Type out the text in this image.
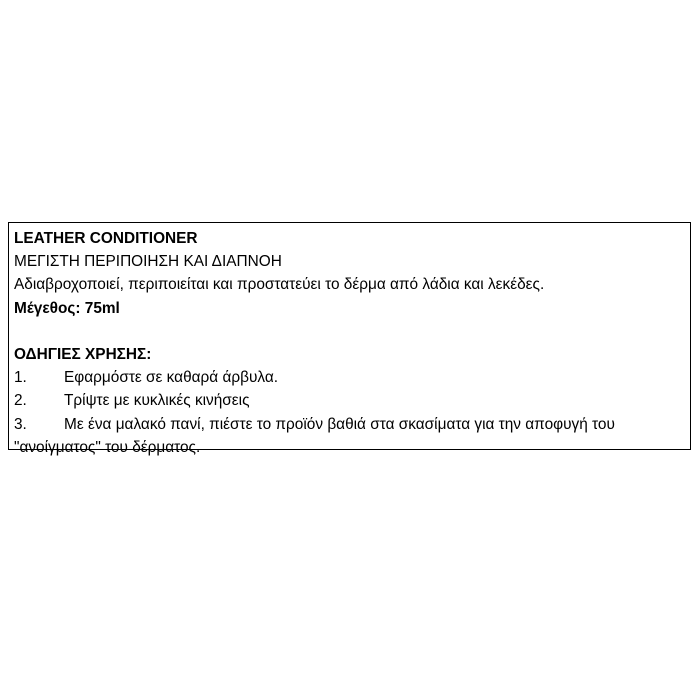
LEATHER CONDITIONER
ΜΕΓΙΣΤΗ ΠΕΡΙΠΟΙΗΣΗ ΚΑΙ ΔΙΑΠΝΟΗ
Αδιαβροχοποιεί, περιποιείται και προστατεύει το δέρμα από λάδια και λεκέδες.
Μέγεθος: 75ml
ΟΔΗΓΙΕΣ ΧΡΗΣΗΣ:
1.	Εφαρμόστε σε καθαρά άρβυλα.
2.	Τρίψτε με κυκλικές κινήσεις
3. Με ένα μαλακό πανί, πιέστε το προϊόν βαθιά στα σκασίματα για την αποφυγή του "ανοίγματος" του δέρματος.
